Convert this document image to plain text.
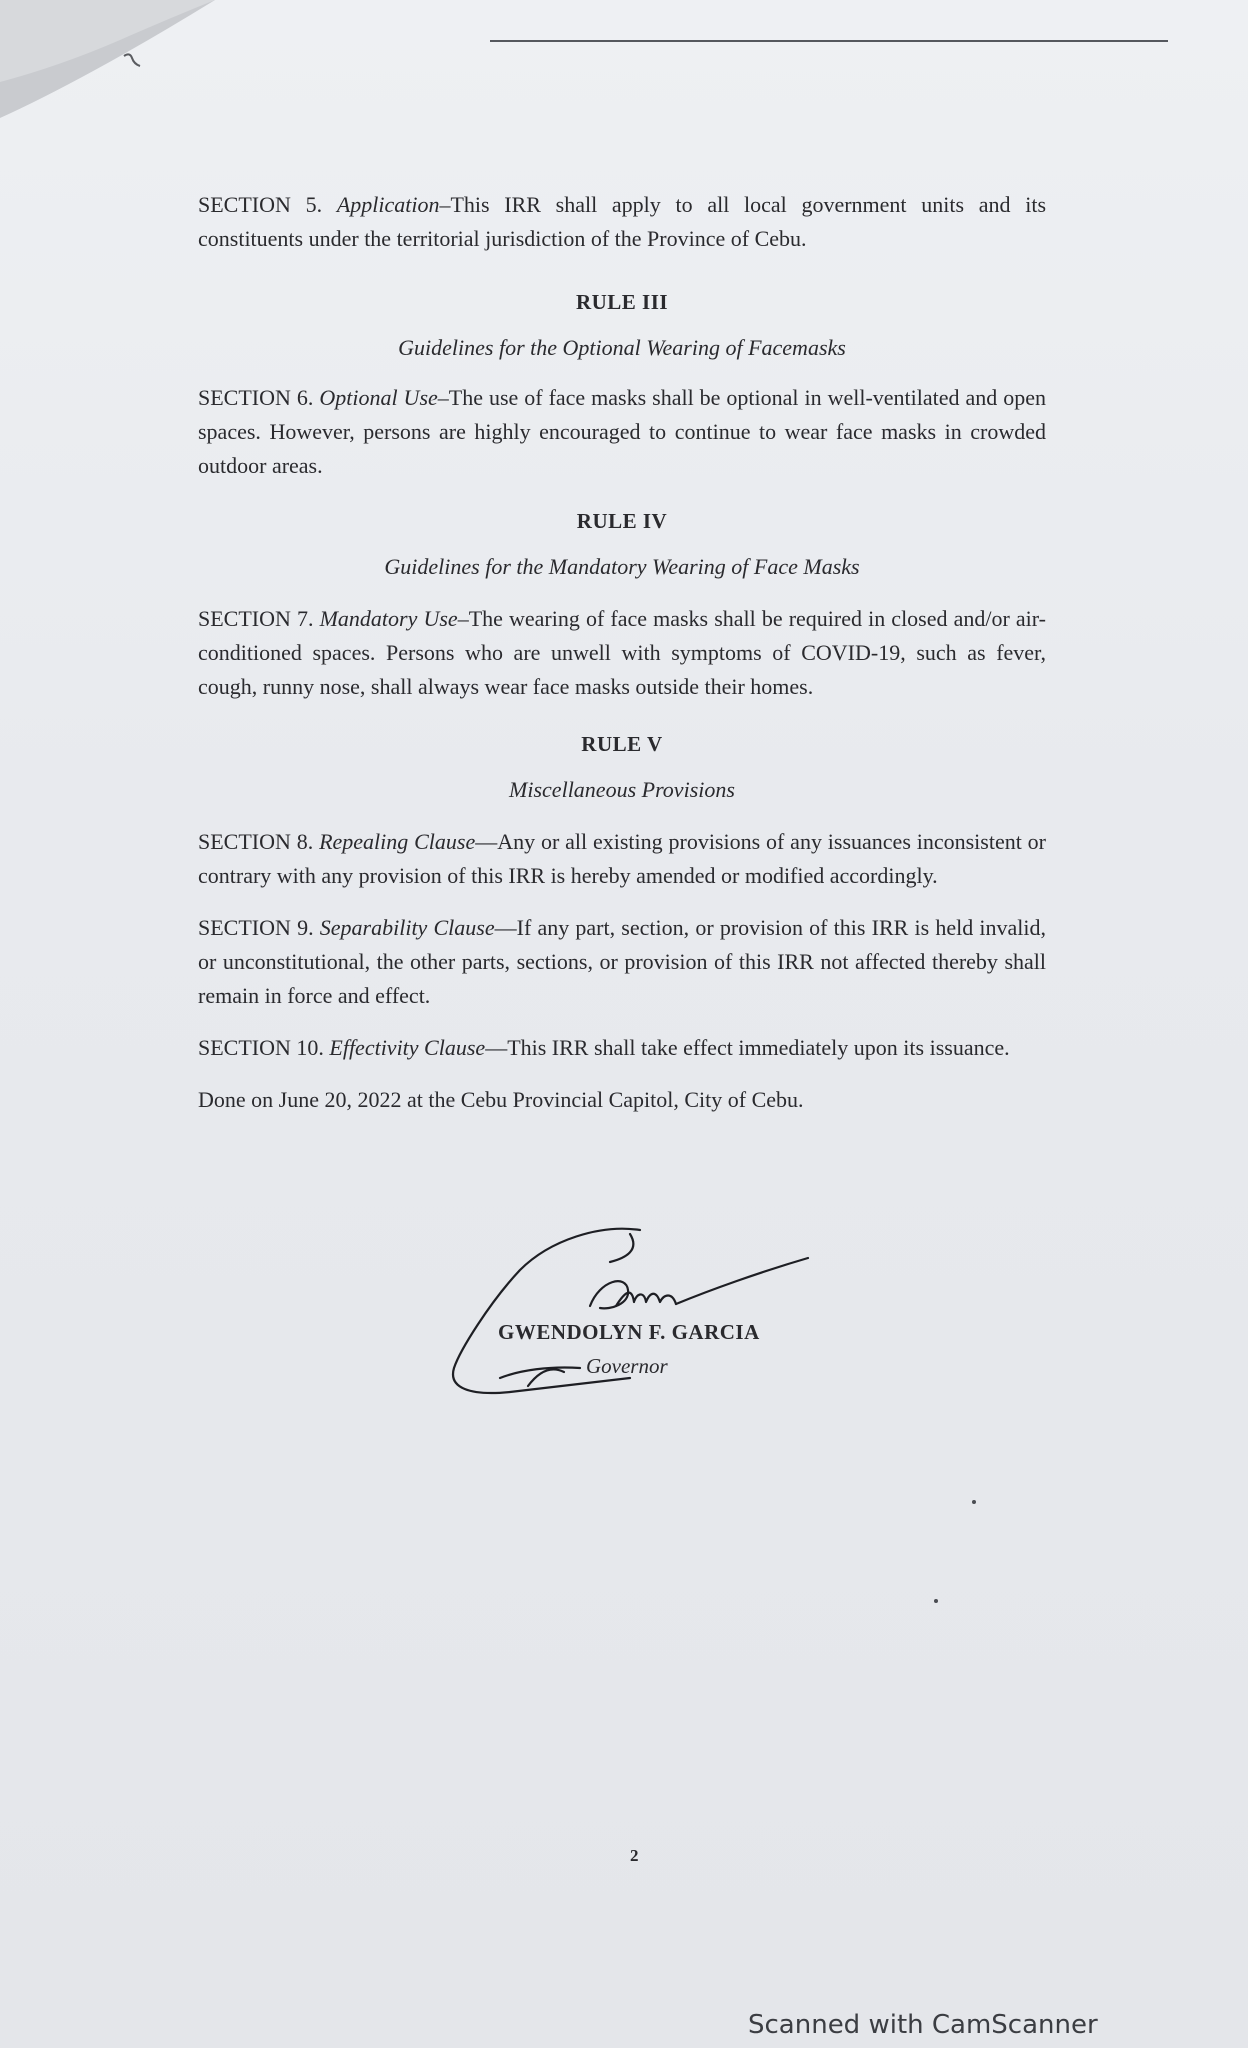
SECTION 5. Application–This IRR shall apply to all local government units and its constituents under the territorial jurisdiction of the Province of Cebu.

RULE III

Guidelines for the Optional Wearing of Facemasks

SECTION 6. Optional Use–The use of face masks shall be optional in well-ventilated and open spaces. However, persons are highly encouraged to continue to wear face masks in crowded outdoor areas.

RULE IV

Guidelines for the Mandatory Wearing of Face Masks

SECTION 7. Mandatory Use–The wearing of face masks shall be required in closed and/or air-conditioned spaces. Persons who are unwell with symptoms of COVID-19, such as fever, cough, runny nose, shall always wear face masks outside their homes.

RULE V

Miscellaneous Provisions

SECTION 8. Repealing Clause—Any or all existing provisions of any issuances inconsistent or contrary with any provision of this IRR is hereby amended or modified accordingly.

SECTION 9. Separability Clause—If any part, section, or provision of this IRR is held invalid, or unconstitutional, the other parts, sections, or provision of this IRR not affected thereby shall remain in force and effect.

SECTION 10. Effectivity Clause—This IRR shall take effect immediately upon its issuance.

Done on June 20, 2022 at the Cebu Provincial Capitol, City of Cebu.

GWENDOLYN F. GARCIA
Governor
2
Scanned with CamScanner
